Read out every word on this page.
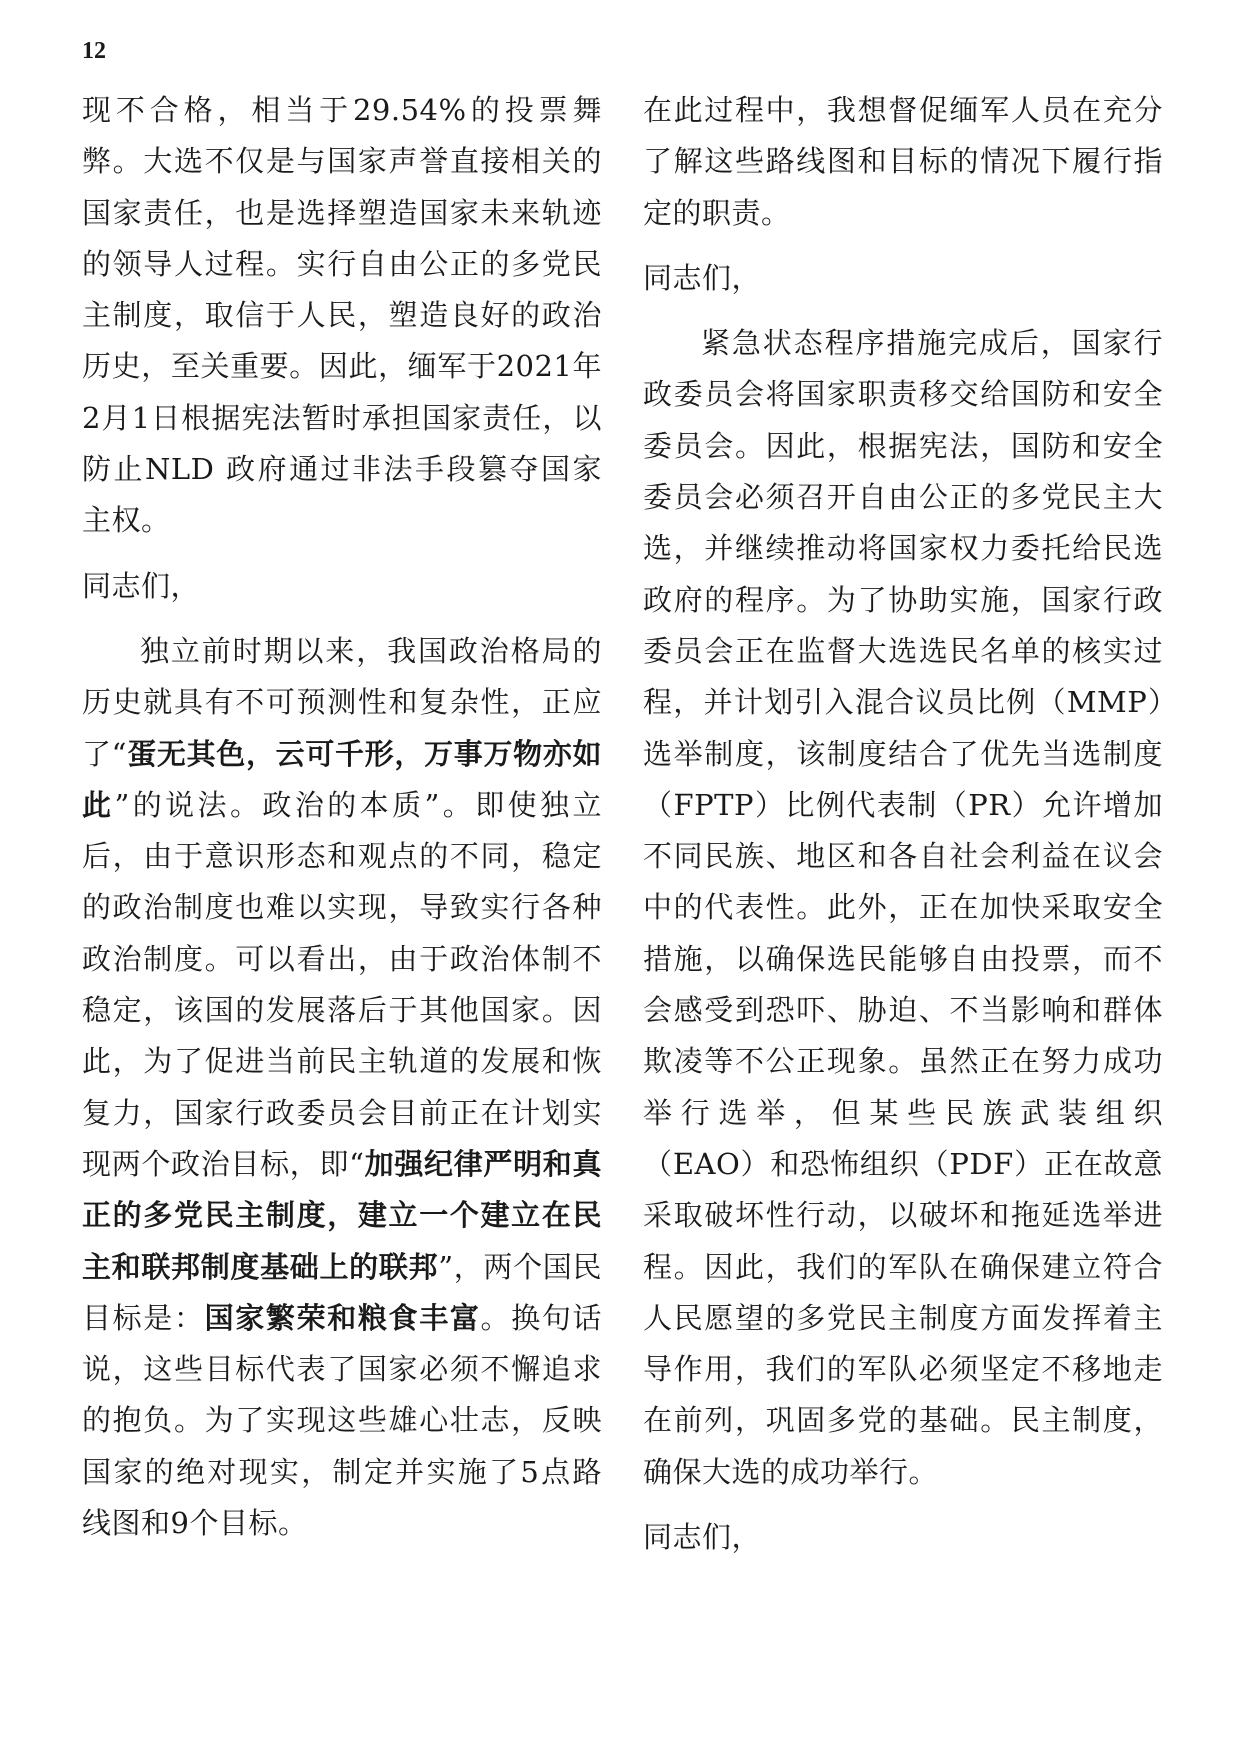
12

现不合格，相当于29.54%的投票舞弊。大选不仅是与国家声誉直接相关的国家责任，也是选择塑造国家未来轨迹的领导人过程。实行自由公正的多党民主制度，取信于人民，塑造良好的政治历史，至关重要。因此，缅军于2021年2月1日根据宪法暂时承担国家责任，以防止NLD 政府通过非法手段篡夺国家主权。

同志们，

独立前时期以来，我国政治格局的历史就具有不可预测性和复杂性，正应了“蛋无其色，云可千形，万事万物亦如此”的说法。政治的本质”。即使独立后，由于意识形态和观点的不同，稳定的政治制度也难以实现，导致实行各种政治制度。可以看出，由于政治体制不稳定，该国的发展落后于其他国家。因此，为了促进当前民主轨道的发展和恢复力，国家行政委员会目前正在计划实现两个政治目标，即“加强纪律严明和真正的多党民主制度，建立一个建立在民主和联邦制度基础上的联邦”，两个国民目标是：国家繁荣和粮食丰富。换句话说，这些目标代表了国家必须不懈追求的抱负。为了实现这些雄心壮志，反映国家的绝对现实，制定并实施了5点路线图和9个目标。

在此过程中，我想督促缅军人员在充分了解这些路线图和目标的情况下履行指定的职责。

同志们，

紧急状态程序措施完成后，国家行政委员会将国家职责移交给国防和安全委员会。因此，根据宪法，国防和安全委员会必须召开自由公正的多党民主大选，并继续推动将国家权力委托给民选政府的程序。为了协助实施，国家行政委员会正在监督大选选民名单的核实过程，并计划引入混合议员比例（MMP）选举制度，该制度结合了优先当选制度（FPTP）比例代表制（PR）允许增加不同民族、地区和各自社会利益在议会中的代表性。此外，正在加快采取安全措施，以确保选民能够自由投票，而不会感受到恐吓、胁迫、不当影响和群体欺凌等不公正现象。虽然正在努力成功举行选举，但某些民族武装组织（EAO）和恐怖组织（PDF）正在故意采取破坏性行动，以破坏和拖延选举进程。因此，我们的军队在确保建立符合人民愿望的多党民主制度方面发挥着主导作用，我们的军队必须坚定不移地走在前列，巩固多党的基础。民主制度，确保大选的成功举行。

同志们，
